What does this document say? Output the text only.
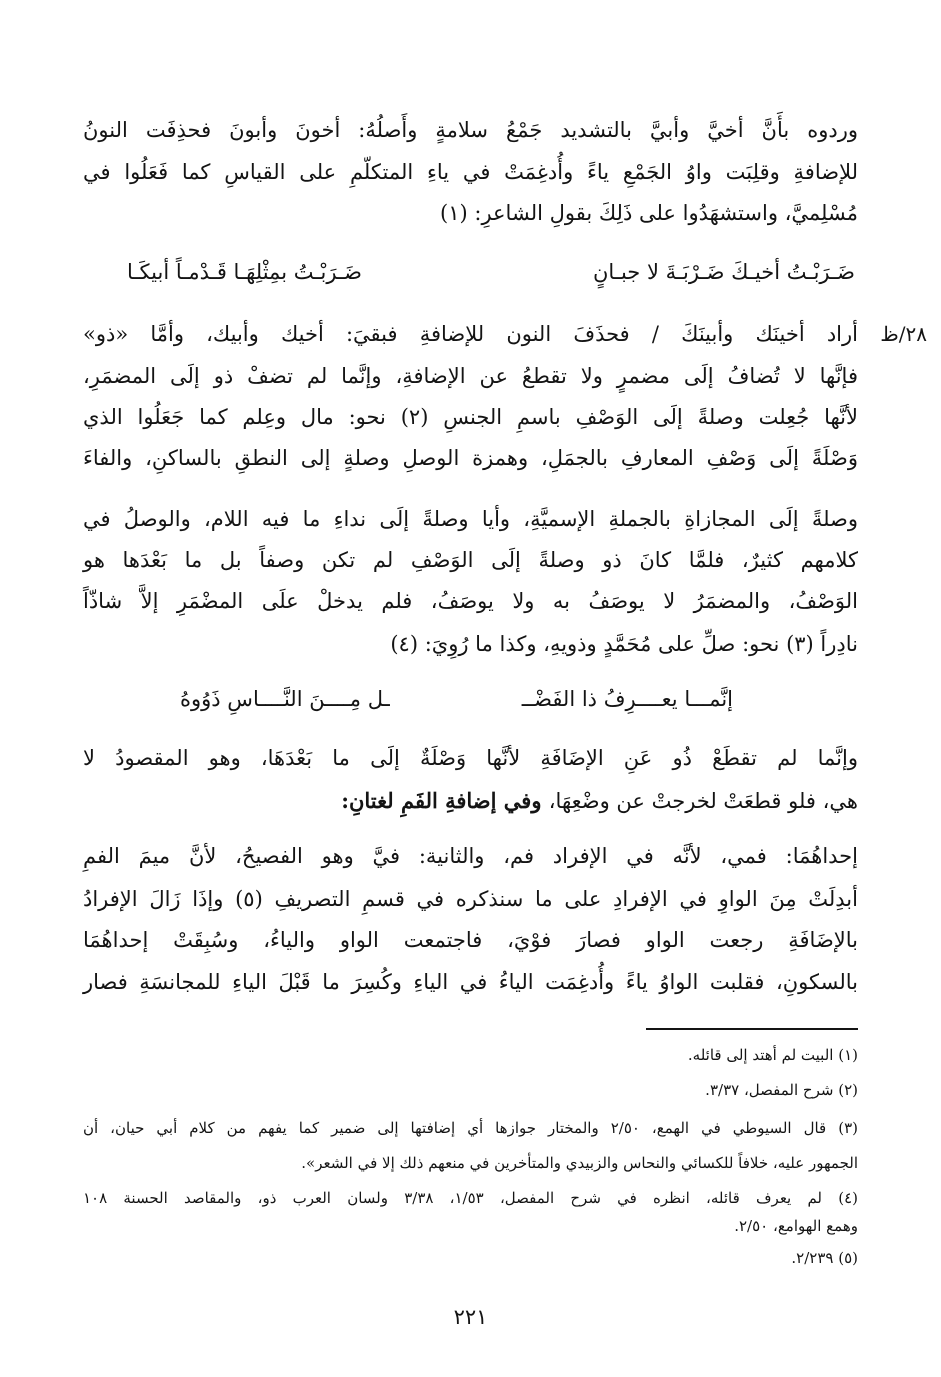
وردوه بأَنَّ أخيَّ وأبيَّ بالتشديد جَمْعُ سلامةٍ وأَصلُهُ: أخونَ وأبونَ فحذِفَت النونُ
للإضافةِ وقلِبَت واوُ الجَمْعِ ياءً وأُدغِمَتْ في ياءِ المتكلّمِ على القياسِ كما فَعَلُوا في
مُسْلِميَّ، واستشهَدُوا على ذَلِكَ بقولِ الشاعرِ: (١)
ضَـرَبْـتُ أخيـكَ ضَـرْبَـةَ لا جبـانٍ
ضَـرَبْـتُ بمِثْلِهَـا قَـدْمـاً أبيكَـا
٢٨/ظ
أراد أخينَك وأبينَكَ / فحذَفَ النون للإضافةِ فبقيَ: أخيك وأبيك، وأمَّا «ذو»
فإنَّها لا تُضافُ إلَى مضمرٍ ولا تقطعُ عن الإضافةِ، وإنَّما لم تضفْ ذو إلَى المضمَرِ،
لأنَّها جُعِلت وصلةً إلَى الوَصْفِ باسمِ الجنسِ (٢) نحو: مال وعِلم كما جَعَلُوا الذي
وَصْلَةً إلَى وَصْفِ المعارفِ بالجمَلِ، وهمزة الوصلِ وصلةٍ إلى النطقِ بالساكنِ، والفاءَ
وصلةً إلَى المجازاةِ بالجملةِ الإسميَّةِ، وأيا وصلةً إلَى نداءِ ما فيه اللام، والوصلُ في
كلامهم كثيرٌ، فلمَّا كانَ ذو وصلةً إلَى الوَصْفِ لم تكن وصفاً بل ما بَعْدَها هو
الوَصْفُ، والمضمَرُ لا يوصَفُ به ولا يوصَفُ، فلم يدخلْ علَى المضْمَرِ إلاَّ شاذّاً
نادِراً (٣) نحو: صلِّ على مُحَمَّدٍ وذويهِ، وكذا ما رُوِيَ: (٤)
إنَّمـــا يعــــرِفُ ذا الفَضْــ
ـل مِــــنَ النَّــــاسِ ذَوُوهُ
وإنَّما لم تقطَعْ ذُو عَنِ الإضَافَةِ لأنَّها وَصْلَةٌ إلَى ما بَعْدَهَا، وهو المقصودُ لا
هي، فلو قطعَتْ لخرجتْ عن وضْعِهَا، وفي إضافةِ الفَمِ لغتانِ:
إحداهُمَا: فمي، لأنَّه في الإفراد فم، والثانية: فيَّ وهو الفصيحُ، لأنَّ ميمَ الفمِ
أبدِلَتْ مِنَ الواوِ في الإفرادِ على ما سنذكره في قسمِ التصريفِ (٥) وإذَا زَالَ الإفرادُ
بالإضَافَةِ رجعت الواو فصارَ فوْيَ، فاجتمعت الواو والياءُ، وسُبِقَتْ إحداهُمَا
بالسكونِ، فقلبت الواوُ ياءً وأُدغِمَت الياءُ في الياءِ وكُسِرَ ما قَبْلَ الياءِ للمجانسَةِ فصار
(١) البيت لم أهتد إلى قائله.
(٢) شرح المفصل، ٣/٣٧.
(٣) قال السيوطي في الهمع، ٢/٥٠ والمختار جوازها أي إضافتها إلى ضمير كما يفهم من كلام أبي حيان، أن
الجمهور عليه، خلافاً للكسائي والنحاس والزبيدي والمتأخرين في منعهم ذلك إلا في الشعر».
(٤) لم يعرف قائله، انظره في شرح المفصل، ١/٥٣، ٣/٣٨ ولسان العرب ذو، والمقاصد الحسنة ١٠٨
وهمع الهوامع، ٢/٥٠.
(٥) ٢/٢٣٩.
٢٢١
